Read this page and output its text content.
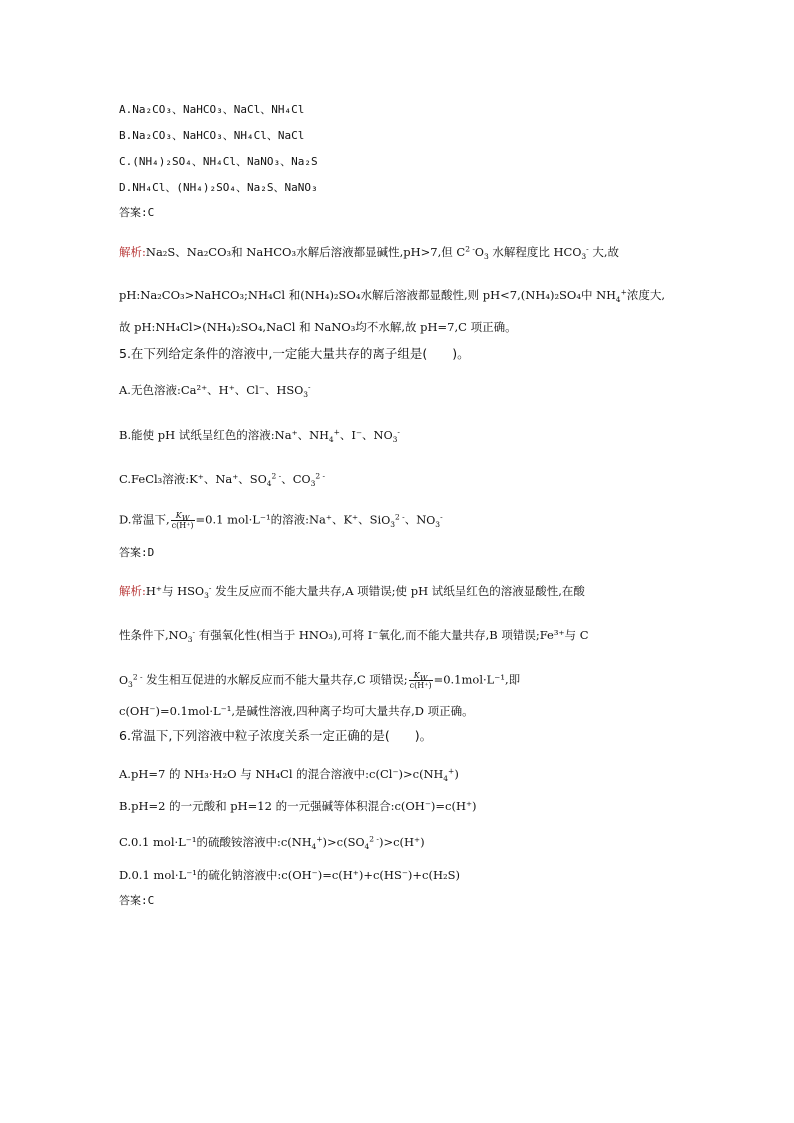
A.Na₂CO₃、NaHCO₃、NaCl、NH₄Cl
B.Na₂CO₃、NaHCO₃、NH₄Cl、NaCl
C.(NH₄)₂SO₄、NH₄Cl、NaNO₃、Na₂S
D.NH₄Cl、(NH₄)₂SO₄、Na₂S、NaNO₃
答案:C
解析:Na₂S、Na₂CO₃和 NaHCO₃水解后溶液都显碱性,pH>7,但 $C^{2 -}O_3$ 水解程度比 $HCO_3^-$ 大,故
pH:Na₂CO₃>NaHCO₃;NH₄Cl 和(NH₄)₂SO₄水解后溶液都显酸性,则 pH<7,(NH₄)₂SO₄中 $NH_4^+$浓度大,
故 pH:NH₄Cl>(NH₄)₂SO₄,NaCl 和 NaNO₃均不水解,故 pH=7,C 项正确。
5.在下列给定条件的溶液中,一定能大量共存的离子组是(　　)。
A.无色溶液:Ca²⁺、H⁺、Cl⁻、$HSO_3^-$
B.能使 pH 试纸呈红色的溶液:Na⁺、$NH_4^+$、I⁻、$NO_3^-$
C.FeCl₃溶液:K⁺、Na⁺、$SO_4^{2 -}$、$CO_3^{2 -}$
D.常温下, $\frac{K_W}{c(H^+)} =0.1$ mol·L⁻¹的溶液:Na⁺、K⁺、SiO$_3^{2 -}$、$NO_3^-$
答案:D
解析:H⁺与 $HSO_3^-$ 发生反应而不能大量共存,A 项错误;使 pH 试纸呈红色的溶液显酸性,在酸
性条件下$,NO_3^-$ 有强氧化性(相当于 HNO₃),可将 I⁻氧化,而不能大量共存,B 项错误;Fe³⁺与 C
$O_3^{2 -}$ 发生相互促进的水解反应而不能大量共存,C 项错误; $\frac{K_W}{c(H^+)} =0.1mol\cdot L^{-1}$,即
c(OH⁻)=0.1mol·L⁻¹,是碱性溶液,四种离子均可大量共存,D 项正确。
6.常温下,下列溶液中粒子浓度关系一定正确的是(　　)。
A.pH=7 的 NH₃·H₂O 与 NH₄Cl 的混合溶液中$:c(Cl^-)>c(NH_4^+)$
B.pH=2 的一元酸和 pH=12 的一元强碱等体积混合:c(OH⁻)=c(H⁺)
C.0.1 mol·L⁻¹的硫酸铵溶液中$:c(NH_4^+)>c(SO_4^{2 -})>c(H^+)$
D.0.1 mol·L⁻¹的硫化钠溶液中:c(OH⁻)=c(H⁺)+c(HS⁻)+c(H₂S)
答案:C
